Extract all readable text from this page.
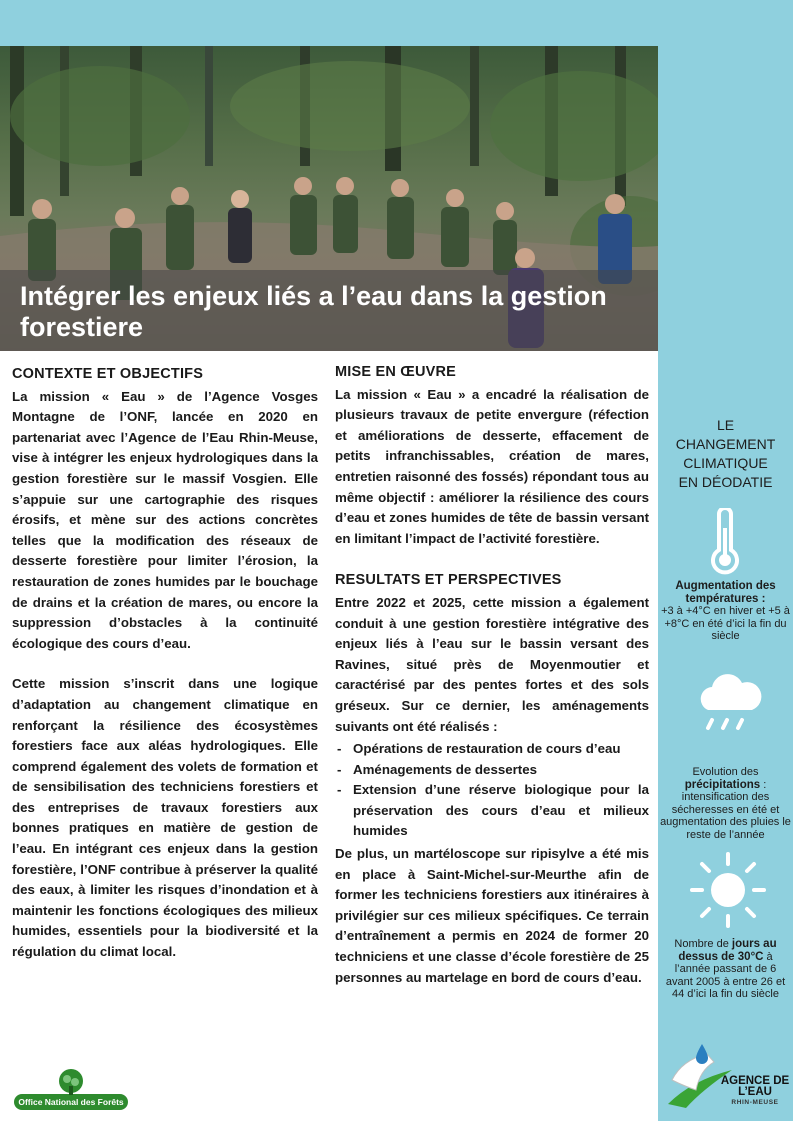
Intégrer les enjeux liés a l’eau dans la gestion forestiere
CONTEXTE ET OBJECTIFS

La mission « Eau » de l’Agence Vosges Montagne de l’ONF, lancée en 2020 en partenariat avec l’Agence de l’Eau Rhin-Meuse, vise à intégrer les enjeux hydrologiques dans la gestion forestière sur le massif Vosgien. Elle s’appuie sur une cartographie des risques érosifs, et mène sur des actions concrètes telles que la modification des réseaux de desserte forestière pour limiter l’érosion, la restauration de zones humides par le bouchage de drains et la création de mares, ou encore la suppression d’obstacles à la continuité écologique des cours d’eau.

Cette mission s’inscrit dans une logique d’adaptation au changement climatique en renforçant la résilience des écosystèmes forestiers face aux aléas hydrologiques. Elle comprend également des volets de formation et de sensibilisation des techniciens forestiers et des entreprises de travaux forestiers aux bonnes pratiques en matière de gestion de l’eau. En intégrant ces enjeux dans la gestion forestière, l’ONF contribue à préserver la qualité des eaux, à limiter les risques d’inondation et à maintenir les fonctions écologiques des milieux humides, essentiels pour la biodiversité et la régulation du climat local.

MISE EN ŒUVRE

La mission « Eau » a encadré la réalisation de plusieurs travaux de petite envergure (réfection et améliorations de desserte, effacement de petits infranchissables, création de mares, entretien raisonné des fossés) répondant tous au même objectif : améliorer la résilience des cours d’eau et zones humides de tête de bassin versant en limitant l’impact de l’activité forestière.

RESULTATS ET PERSPECTIVES

Entre 2022 et 2025, cette mission a également conduit à une gestion forestière intégrative des enjeux liés à l’eau sur le bassin versant des Ravines, situé près de Moyenmoutier et caractérisé par des pentes fortes et des sols gréseux. Sur ce dernier, les aménagements suivants ont été réalisés :

- Opérations de restauration de cours d’eau
- Aménagements de dessertes
- Extension d’une réserve biologique pour la préservation des cours d’eau et milieux humides

De plus, un martéloscope sur ripisylve a été mis en place à Saint-Michel-sur-Meurthe afin de former les techniciens forestiers aux itinéraires à privilégier sur ces milieux spécifiques. Ce terrain d’entraînement a permis en 2024 de former 20 techniciens et une classe d’école forestière de 25 personnes au martelage en bord de cours d’eau.

LE
CHANGEMENT
CLIMATIQUE
EN DÉODATIE
Augmentation des températures :
+3 à +4°C en hiver et +5 à +8°C en été d’ici la fin du siècle
Evolution des
précipitations : intensification des sécheresses en été et augmentation des pluies le reste de l’année
Nombre de jours au dessus de 30°C à l’année passant de 6 avant 2005 à entre 26 et 44 d’ici la fin du siècle
Office National des Forêts
AGENCE DE L’EAU
RHIN-MEUSE
